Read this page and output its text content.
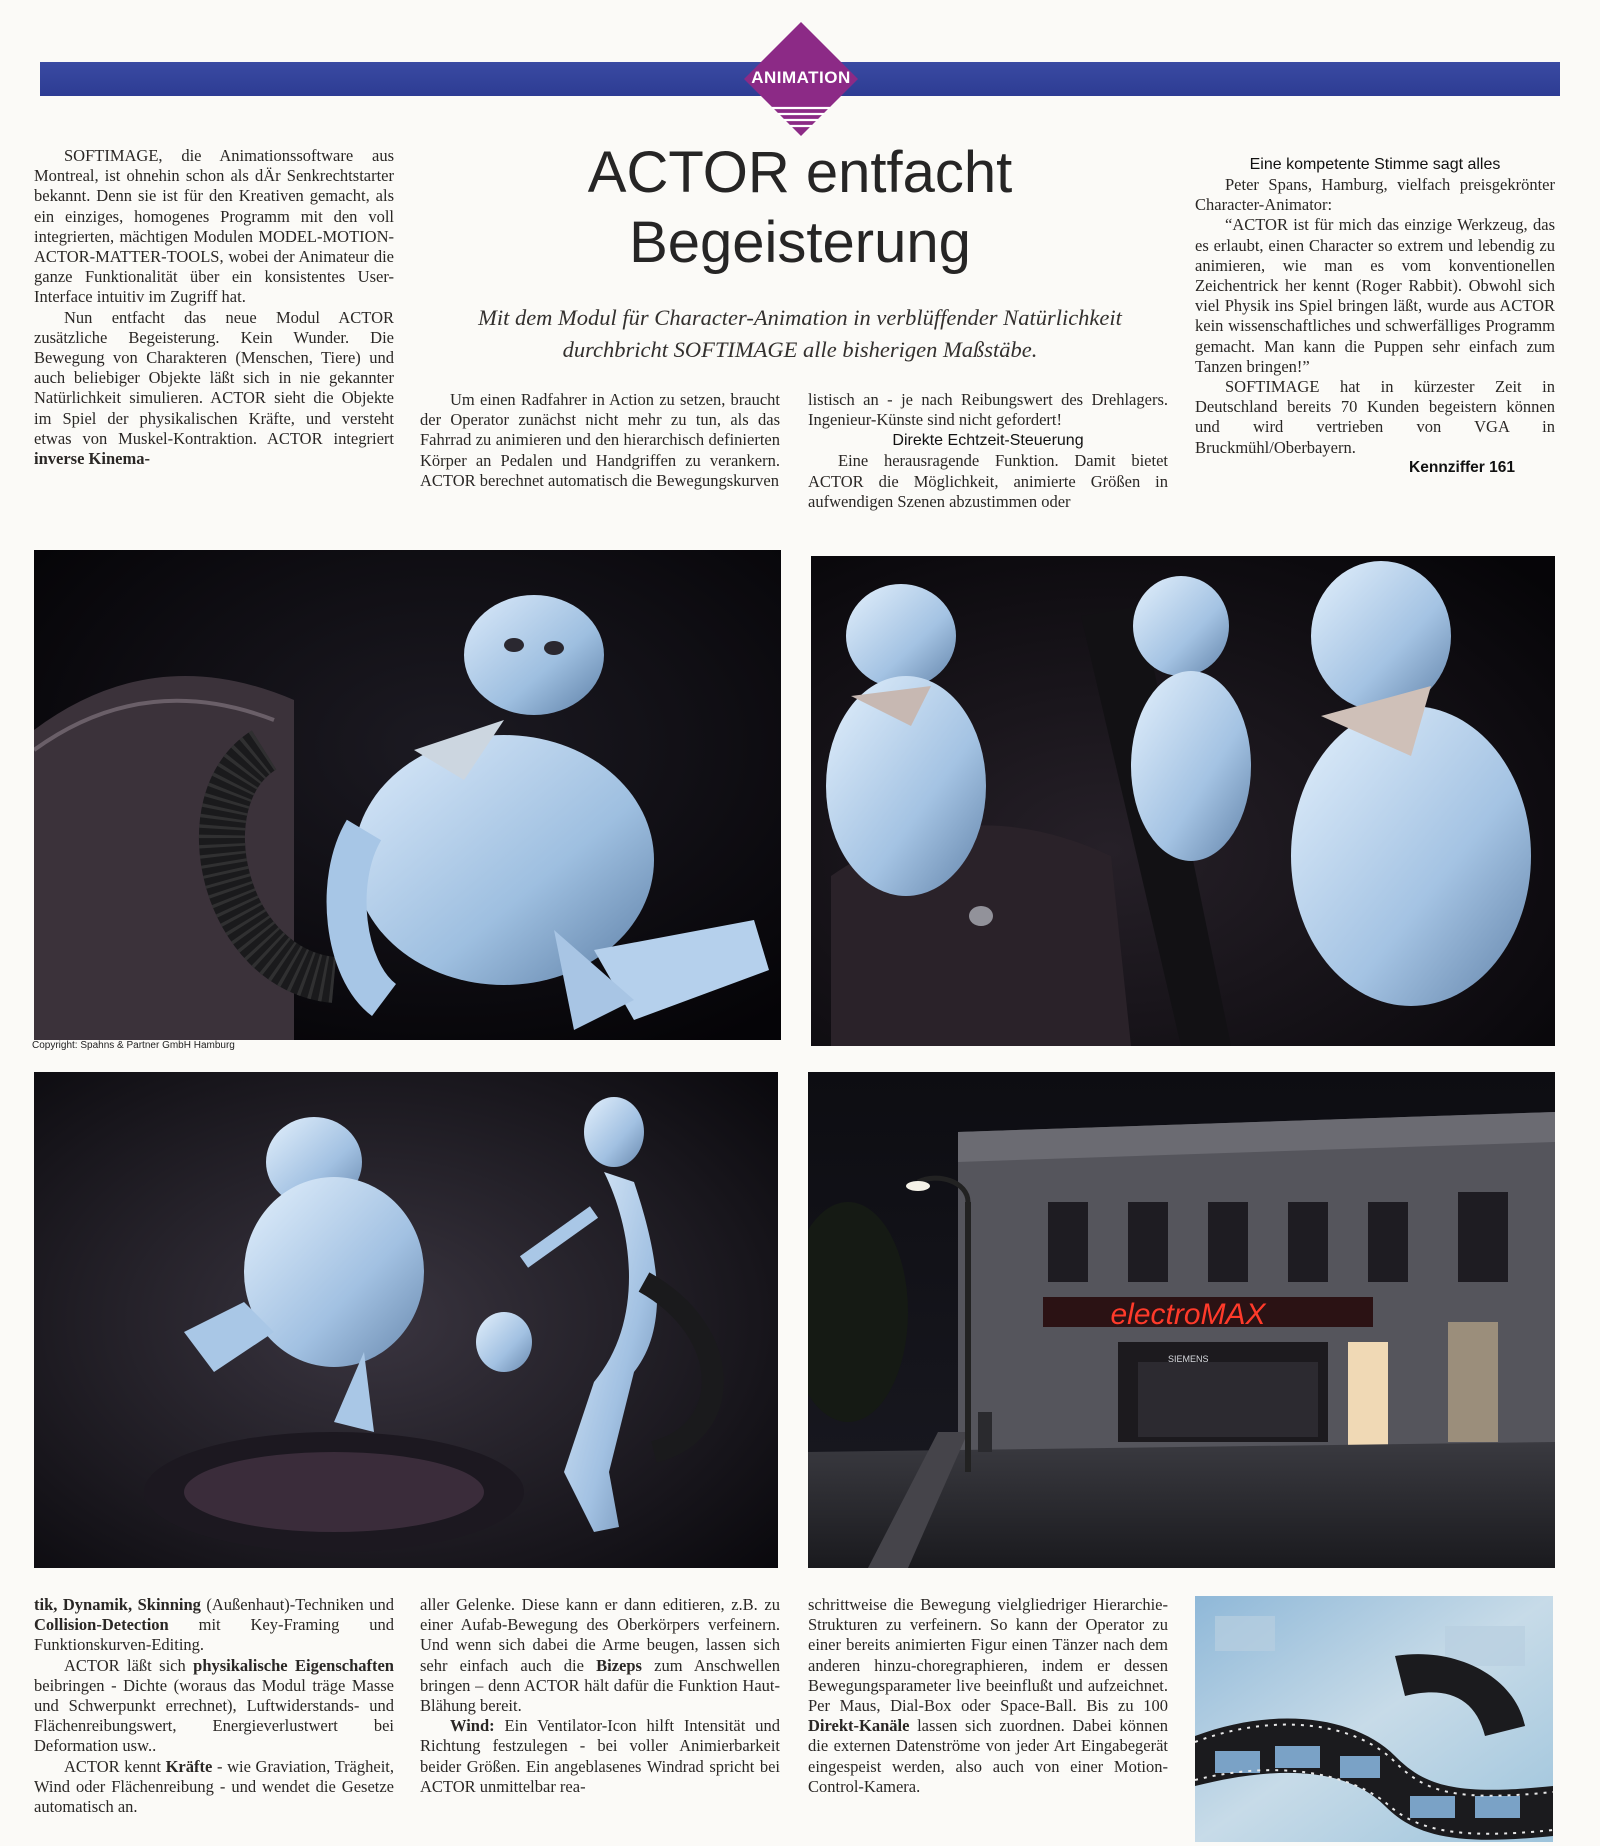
ANIMATION
ACTOR entfacht
Begeisterung
Mit dem Modul für Character-Animation in verblüffender Natürlichkeit
durchbricht SOFTIMAGE alle bisherigen Maßstäbe.

SOFTIMAGE, die Animationssoftware aus Montreal, ist ohnehin schon als dÄr Senkrechtstarter bekannt. Denn sie ist für den Kreativen gemacht, als ein einziges, homogenes Programm mit den voll integrierten, mächtigen Modulen MODEL-MOTION-ACTOR-MATTER-TOOLS, wobei der Animateur die ganze Funktionalität über ein konsistentes User-Interface intuitiv im Zugriff hat.

Nun entfacht das neue Modul ACTOR zusätzliche Begeisterung. Kein Wunder. Die Bewegung von Charakteren (Menschen, Tiere) und auch beliebiger Objekte läßt sich in nie gekannter Natürlichkeit simulieren. ACTOR sieht die Objekte im Spiel der physikalischen Kräfte, und versteht etwas von Muskel-Kontraktion. ACTOR integriert inverse Kinema-

Um einen Radfahrer in Action zu setzen, braucht der Operator zunächst nicht mehr zu tun, als das Fahrrad zu animieren und den hierarchisch definierten Körper an Pedalen und Handgriffen zu verankern. ACTOR berechnet automatisch die Bewegungskurven

listisch an - je nach Reibungswert des Drehlagers. Ingenieur-Künste sind nicht gefordert!

Direkte Echtzeit-Steuerung

Eine herausragende Funktion. Damit bietet ACTOR die Möglichkeit, animierte Größen in aufwendigen Szenen abzustimmen oder

Eine kompetente Stimme sagt alles

Peter Spans, Hamburg, vielfach preisgekrönter Character-Animator:

“ACTOR ist für mich das einzige Werkzeug, das es erlaubt, einen Character so extrem und lebendig zu animieren, wie man es vom konventionellen Zeichentrick her kennt (Roger Rabbit). Obwohl sich viel Physik ins Spiel bringen läßt, wurde aus ACTOR kein wissenschaftliches und schwerfälliges Programm gemacht. Man kann die Puppen sehr einfach zum Tanzen bringen!”

SOFTIMAGE hat in kürzester Zeit in Deutschland bereits 70 Kunden begeistern können und wird vertrieben von VGA in Bruckmühl/Oberbayern.

Kennziffer 161
Copyright: Spahns & Partner GmbH Hamburg
electroMAX
SIEMENS

tik, Dynamik, Skinning (Außenhaut)-Techniken und Collision-Detection mit Key-Framing und Funktionskurven-Editing.

ACTOR läßt sich physikalische Eigenschaften beibringen - Dichte (woraus das Modul träge Masse und Schwerpunkt errechnet), Luftwiderstands- und Flächenreibungswert, Energieverlustwert bei Deformation usw..

ACTOR kennt Kräfte - wie Graviation, Trägheit, Wind oder Flächenreibung - und wendet die Gesetze automatisch an.

aller Gelenke. Diese kann er dann editieren, z.B. zu einer Aufab-Bewegung des Oberkörpers verfeinern. Und wenn sich dabei die Arme beugen, lassen sich sehr einfach auch die Bizeps zum Anschwellen bringen – denn ACTOR hält dafür die Funktion Haut-Blähung bereit.

Wind: Ein Ventilator-Icon hilft Intensität und Richtung festzulegen - bei voller Animierbarkeit beider Größen. Ein angeblasenes Windrad spricht bei ACTOR unmittelbar rea-

schrittweise die Bewegung vielgliedriger Hierarchie-Strukturen zu verfeinern. So kann der Operator zu einer bereits animierten Figur einen Tänzer nach dem anderen hinzu-choregraphieren, indem er dessen Bewegungsparameter live beeinflußt und aufzeichnet. Per Maus, Dial-Box oder Space-Ball. Bis zu 100 Direkt-Kanäle lassen sich zuordnen. Dabei können die externen Datenströme von jeder Art Eingabegerät eingespeist werden, also auch von einer Motion-Control-Kamera.
